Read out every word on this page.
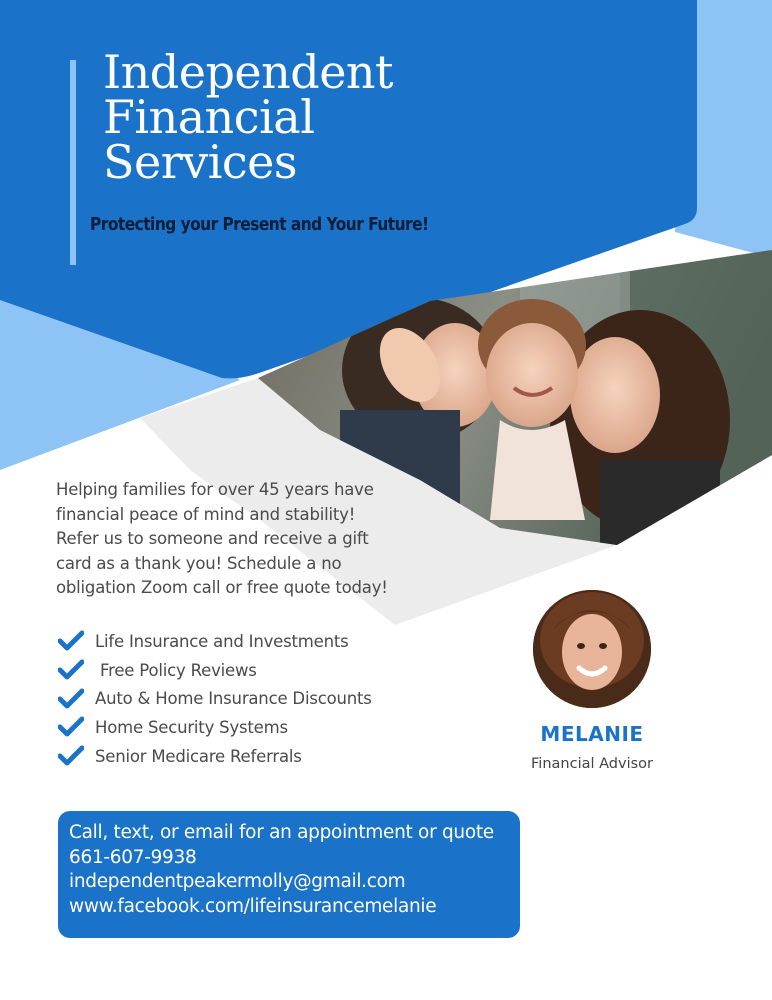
Independent
Financial
Services
Protecting your Present and Your Future!
Helping families for over 45 years have
financial peace of mind and stability!
Refer us to someone and receive a gift
card as a thank you! Schedule a no
obligation Zoom call or free quote today!
Life Insurance and Investments
Free Policy Reviews
Auto & Home Insurance Discounts
Home Security Systems
Senior Medicare Referrals
MELANIE
Financial Advisor
Call, text, or email for an appointment or quote
661-607-9938
independentpeakermolly@gmail.com
www.facebook.com/lifeinsurancemelanie
